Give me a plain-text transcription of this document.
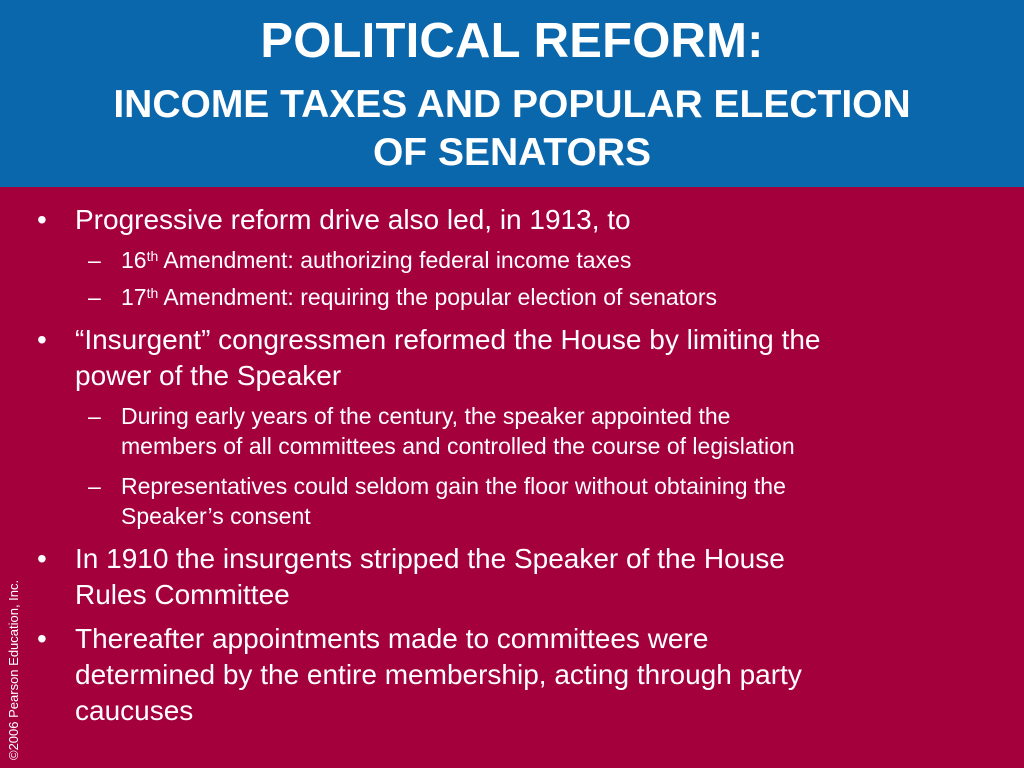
POLITICAL REFORM:
INCOME TAXES AND POPULAR ELECTION
OF SENATORS
©2006 Pearson Education, Inc.
• Progressive reform drive also led, in 1913, to
– 16th Amendment: authorizing federal income taxes
– 17th Amendment: requiring the popular election of senators
• “Insurgent” congressmen reformed the House by limiting the
power of the Speaker
– During early years of the century, the speaker appointed the
members of all committees and controlled the course of legislation
– Representatives could seldom gain the floor without obtaining the
Speaker’s consent
• In 1910 the insurgents stripped the Speaker of the House
Rules Committee
• Thereafter appointments made to committees were
determined by the entire membership, acting through party
caucuses
